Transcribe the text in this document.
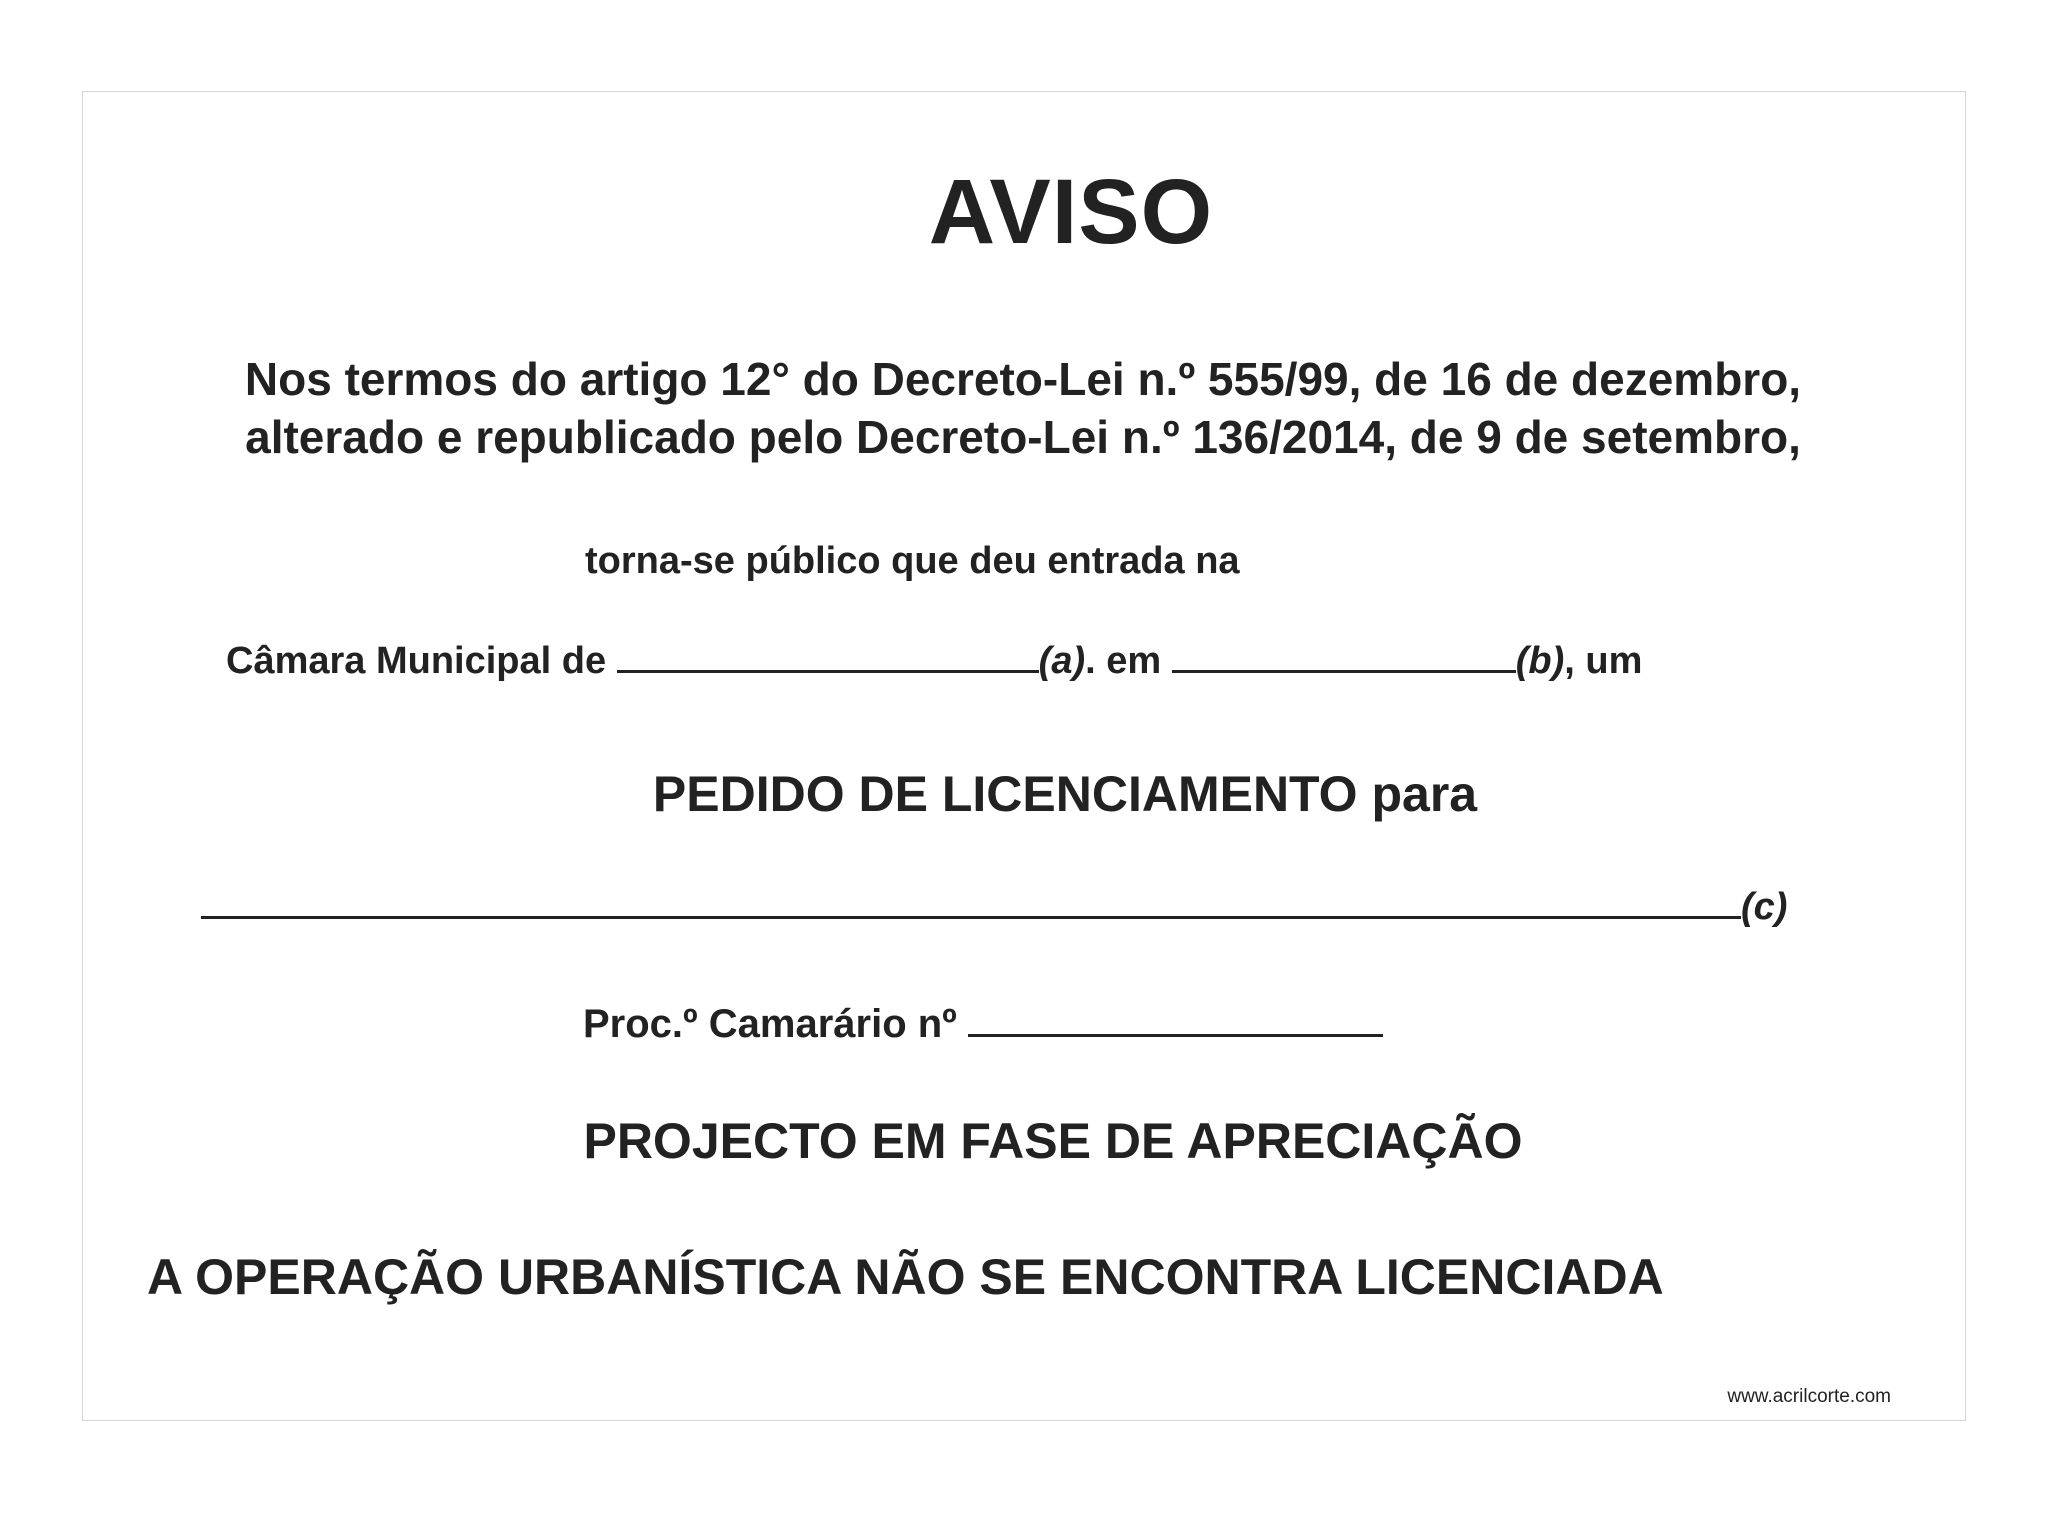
AVISO
Nos termos do artigo 12° do Decreto-Lei n.º 555/99, de 16 de dezembro,
alterado e republicado pelo Decreto-Lei n.º 136/2014, de 9 de setembro,
torna-se público que deu entrada na
Câmara Municipal de	(a). em	(b), um
PEDIDO DE LICENCIAMENTO para
(c)
Proc.º Camarário nº
PROJECTO EM FASE DE APRECIAÇÃO
A OPERAÇÃO URBANÍSTICA NÃO SE ENCONTRA LICENCIADA
www.acrilcorte.com
